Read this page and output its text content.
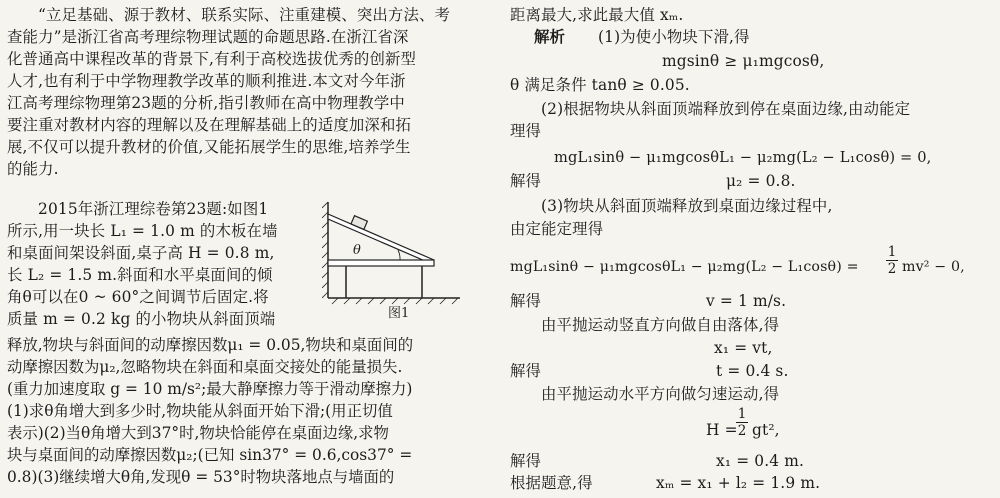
“立足基础、源于教材、联系实际、注重建模、突出方法、考
查能力”是浙江省高考理综物理试题的命题思路.在浙江省深
化普通高中课程改革的背景下,有利于高校选拔优秀的创新型
人才,也有利于中学物理教学改革的顺利推进.本文对今年浙
江高考理综物理第23题的分析,指引教师在高中物理教学中
要注重对教材内容的理解以及在理解基础上的适度加深和拓
展,不仅可以提升教材的价值,又能拓展学生的思维,培养学生
的能力.
2015年浙江理综卷第23题:如图1
所示,用一块长 L₁ = 1.0 m 的木板在墙
和桌面间架设斜面,桌子高 H = 0.8 m,
长 L₂ = 1.5 m.斜面和水平桌面间的倾
角θ可以在0 ~ 60°之间调节后固定.将
质量 m = 0.2 kg 的小物块从斜面顶端
释放,物块与斜面间的动摩擦因数μ₁ = 0.05,物块和桌面间的
动摩擦因数为μ₂,忽略物块在斜面和桌面交接处的能量损失.
(重力加速度取 g = 10 m/s²;最大静摩擦力等于滑动摩擦力)
(1)求θ角增大到多少时,物块能从斜面开始下滑;(用正切值
表示)(2)当θ角增大到37°时,物块恰能停在桌面边缘,求物
块与桌面间的动摩擦因数μ₂;(已知 sin37° = 0.6,cos37° =
0.8)(3)继续增大θ角,发现θ = 53°时物块落地点与墙面的
θ
图1
距离最大,求此最大值 xₘ.
解析 (1)为使小物块下滑,得
mgsinθ ≥ μ₁mgcosθ,
θ 满足条件 tanθ ≥ 0.05.
(2)根据物块从斜面顶端释放到停在桌面边缘,由动能定
理得
mgL₁sinθ − μ₁mgcosθL₁ − μ₂mg(L₂ − L₁cosθ) = 0,
解得	μ₂ = 0.8.
(3)物块从斜面顶端释放到桌面边缘过程中,
由定能定理得
mgL₁sinθ − μ₁mgcosθL₁ − μ₂mg(L₂ − L₁cosθ) =
1
2 mv² − 0,
解得	v = 1 m/s.
由平抛运动竖直方向做自由落体,得
x₁ = vt,
解得	t = 0.4 s.
由平抛运动水平方向做匀速运动,得
H =
1
2 gt²,
解得	x₁ = 0.4 m.
根据题意,得	xₘ = x₁ + l₂ = 1.9 m.
